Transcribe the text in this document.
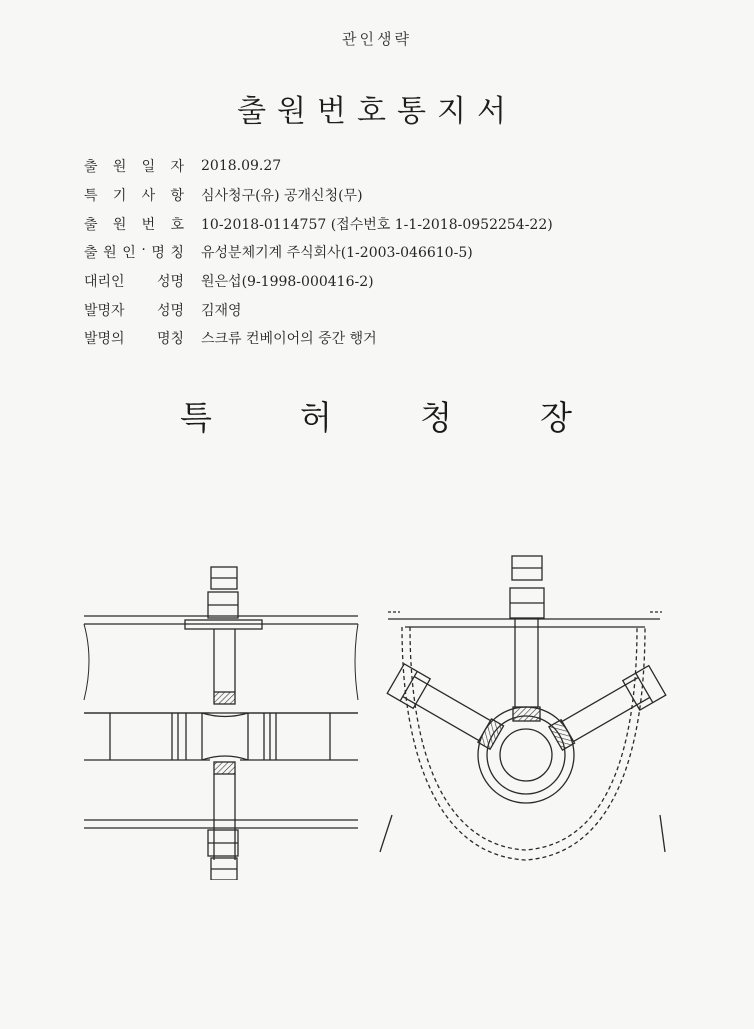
관인생략
출원번호통지서
출 원 일 자 2018.09.27
특 기 사 항 심사청구(유) 공개신청(무)
출 원 번 호 10-2018-0114757 (접수번호 1-1-2018-0952254-22)
출 원 인 · 명 칭 유성분체기계 주식회사(1-2003-046610-5)
대리인 성명 원은섭(9-1998-000416-2)
발명자 성명 김재영
발명의 명칭 스크류 컨베이어의 중간 행거
특	허	청	장
